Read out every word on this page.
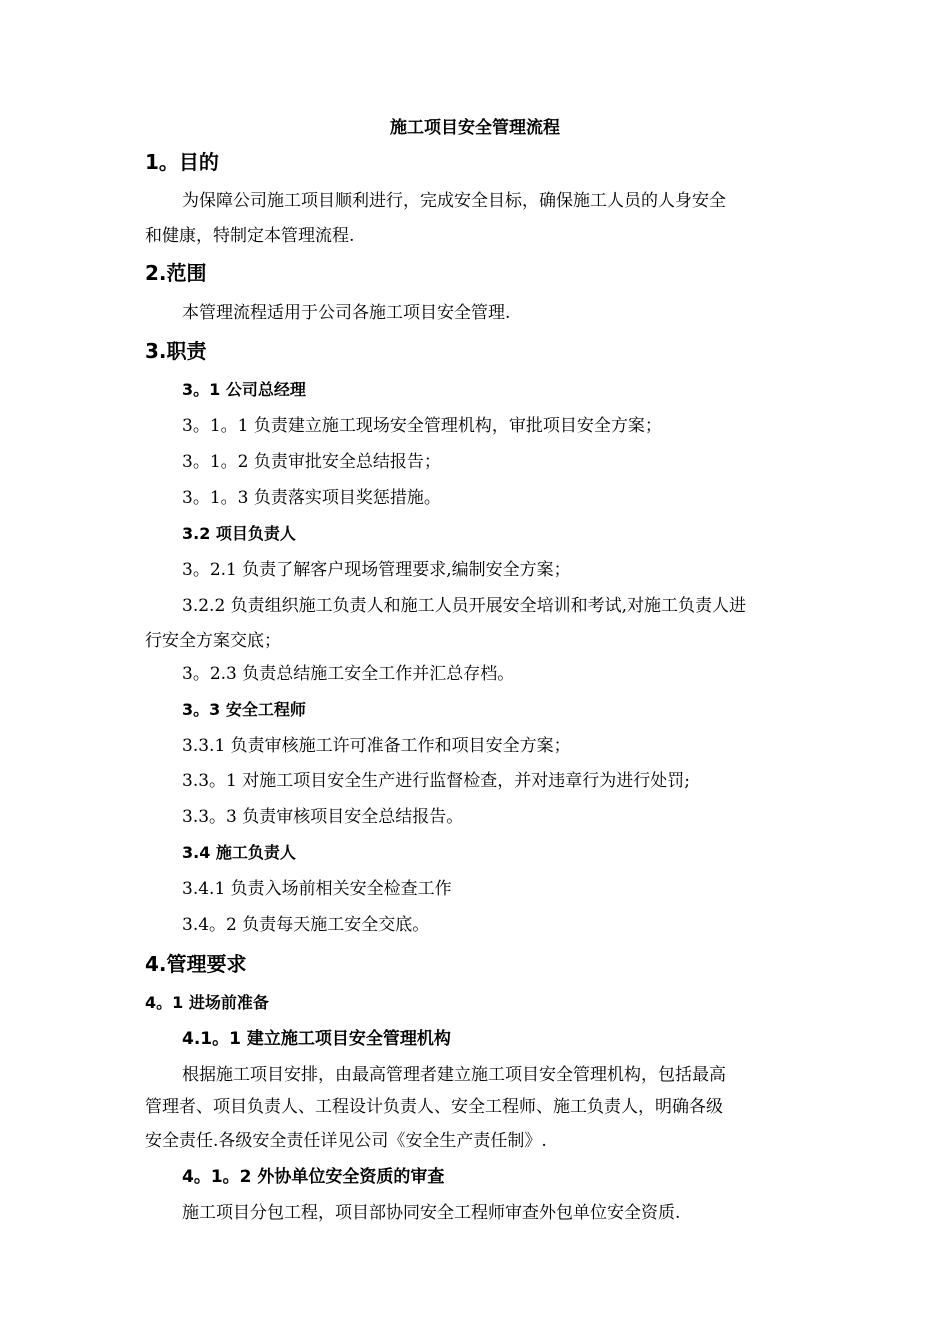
施工项目安全管理流程
1。目的
为保障公司施工项目顺利进行，完成安全目标，确保施工人员的人身安全
和健康，特制定本管理流程.
2.范围
本管理流程适用于公司各施工项目安全管理.
3.职责
3。1 公司总经理
3。1。1 负责建立施工现场安全管理机构，审批项目安全方案；
3。1。2 负责审批安全总结报告；
3。1。3 负责落实项目奖惩措施。
3.2 项目负责人
3。2.1 负责了解客户现场管理要求,编制安全方案；
3.2.2 负责组织施工负责人和施工人员开展安全培训和考试,对施工负责人进
行安全方案交底；
3。2.3 负责总结施工安全工作并汇总存档。
3。3 安全工程师
3.3.1 负责审核施工许可准备工作和项目安全方案；
3.3。1 对施工项目安全生产进行监督检查，并对违章行为进行处罚;
3.3。3 负责审核项目安全总结报告。
3.4 施工负责人
3.4.1 负责入场前相关安全检查工作
3.4。2 负责每天施工安全交底。
4.管理要求
4。1 进场前准备
4.1。1 建立施工项目安全管理机构
根据施工项目安排，由最高管理者建立施工项目安全管理机构，包括最高
管理者、项目负责人、工程设计负责人、安全工程师、施工负责人，明确各级
安全责任.各级安全责任详见公司《安全生产责任制》.
4。1。2 外协单位安全资质的审查
施工项目分包工程，项目部协同安全工程师审查外包单位安全资质.
